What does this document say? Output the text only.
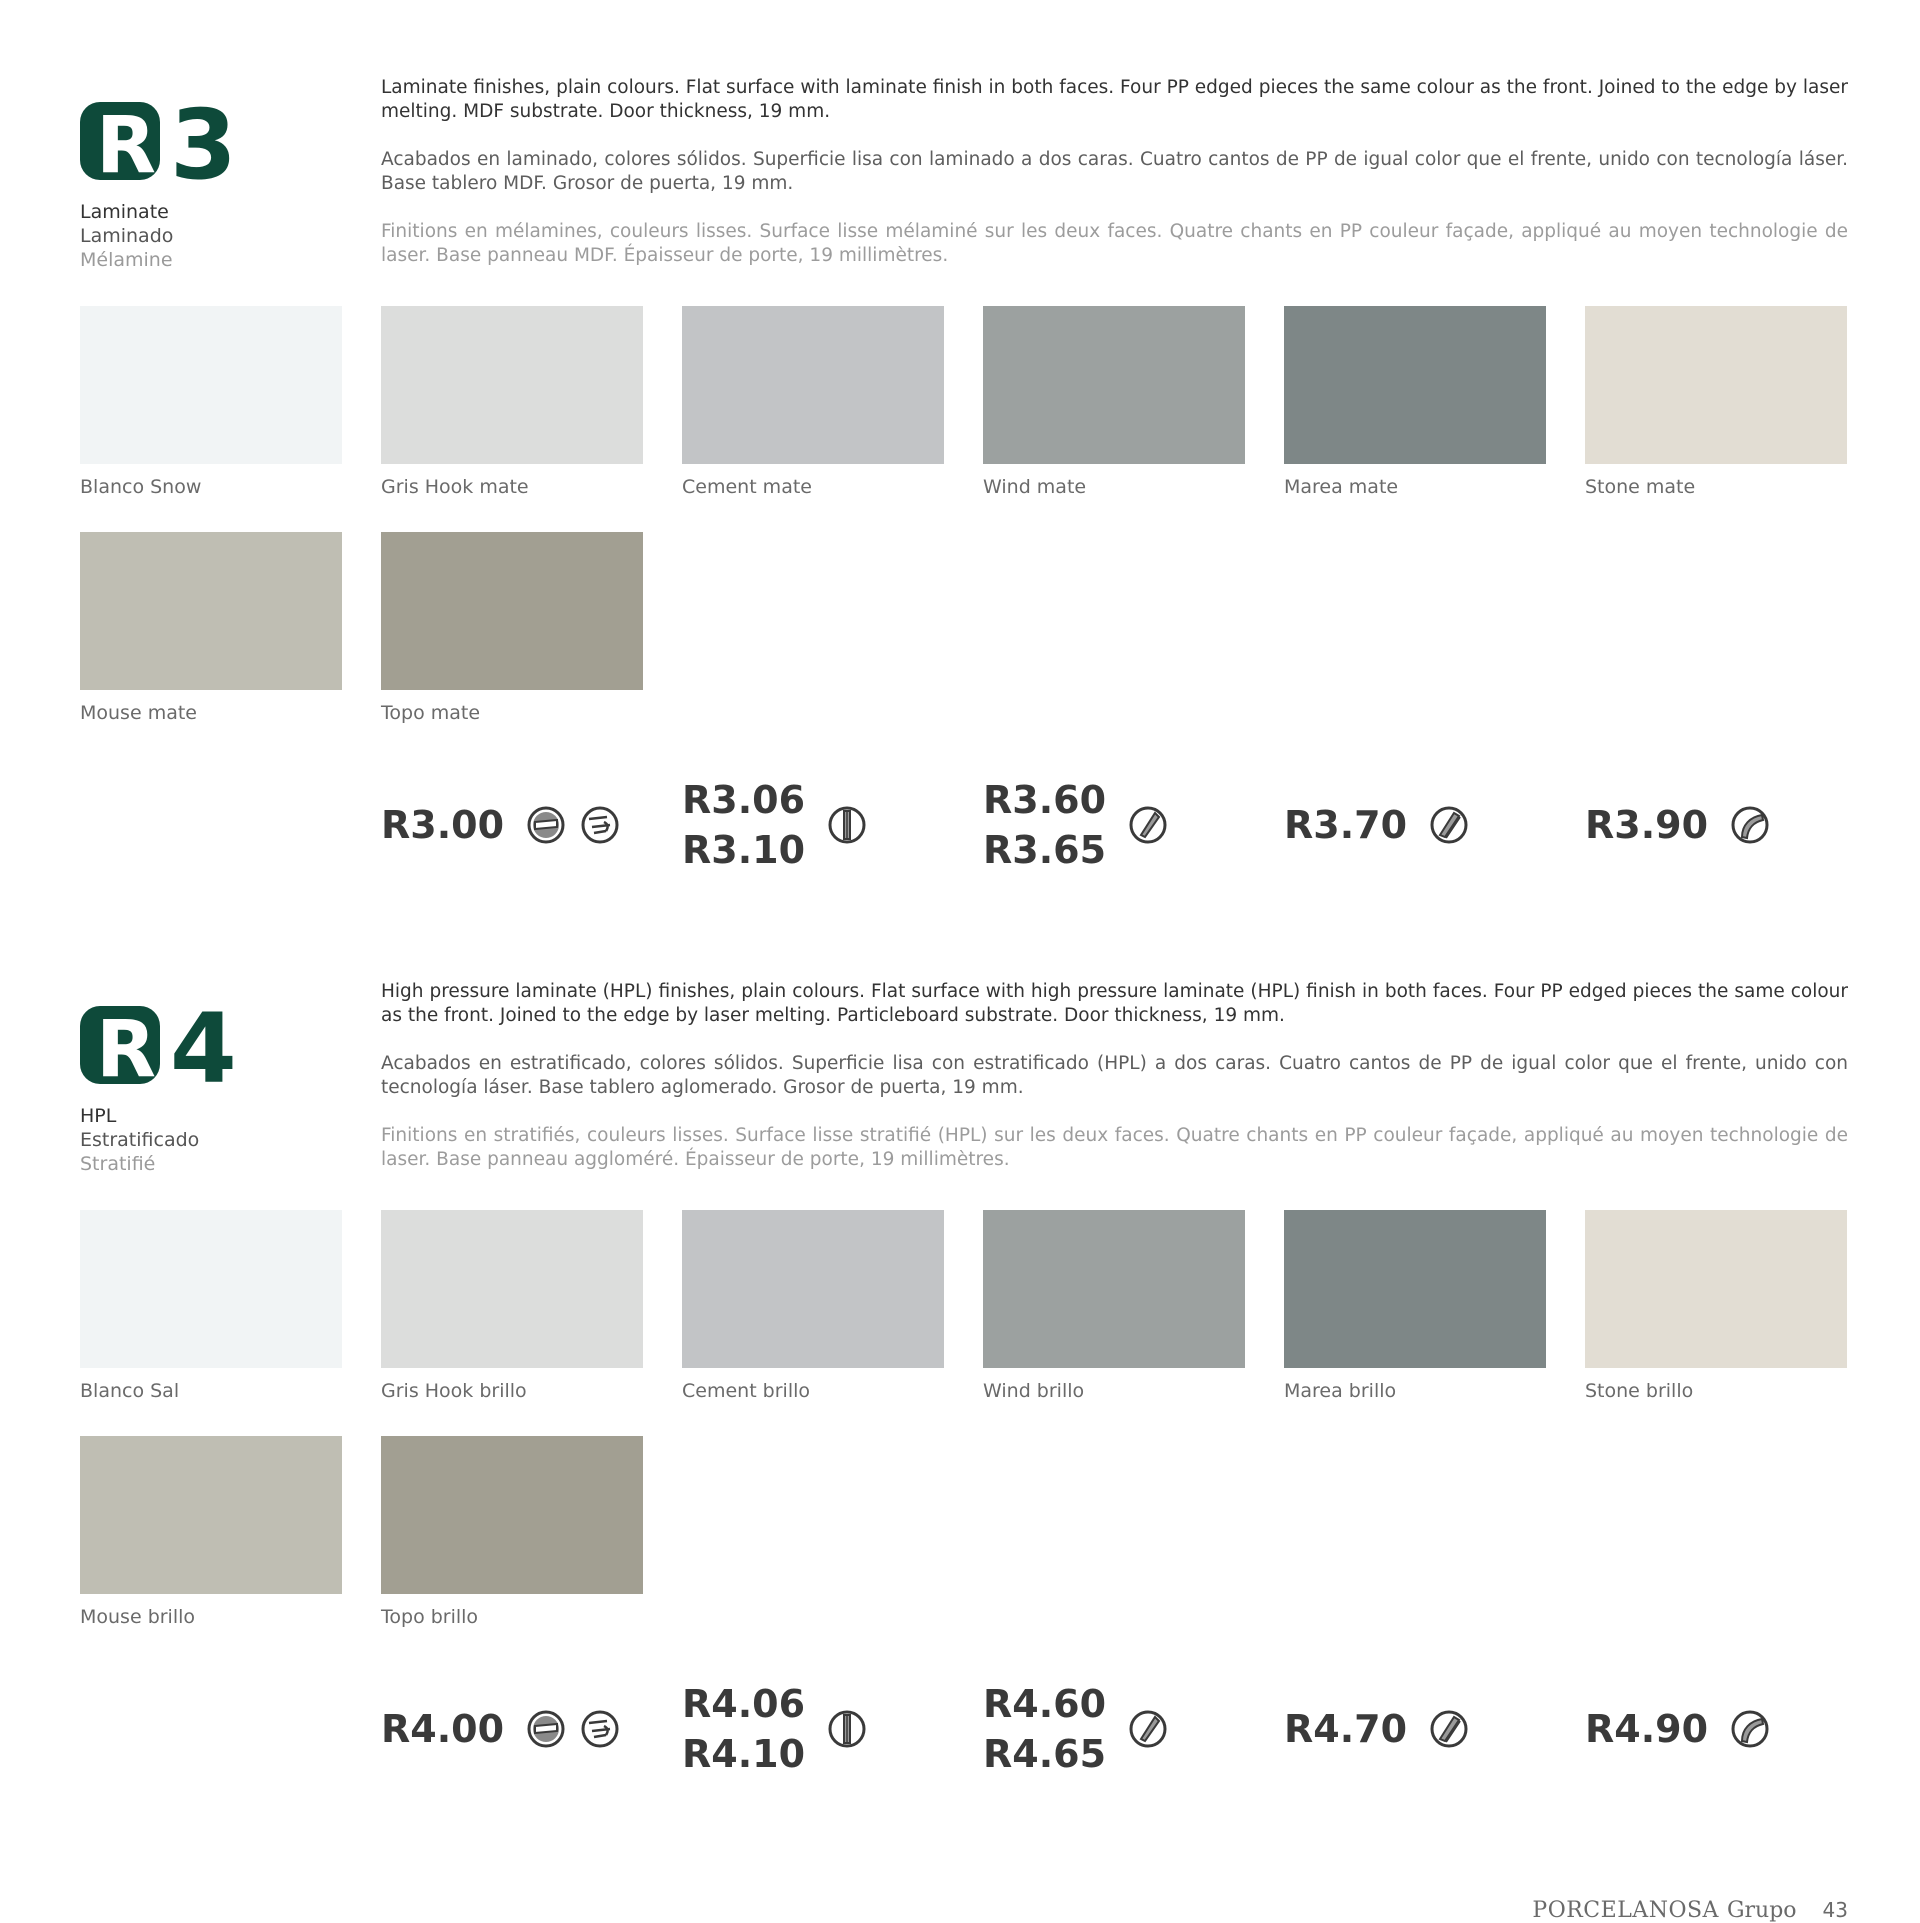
R 3
Laminate
Laminado
Mélamine

Laminate finishes, plain colours. Flat surface with laminate finish in both faces. Four PP edged pieces the same colour as the front. Joined to the edge by laser melting. MDF substrate. Door thickness, 19 mm.

Acabados en laminado, colores sólidos. Superficie lisa con laminado a dos caras. Cuatro cantos de PP de igual color que el frente, unido con tecnología láser. Base tablero MDF. Grosor de puerta, 19 mm.

Finitions en mélamines, couleurs lisses. Surface lisse mélaminé sur les deux faces. Quatre chants en PP couleur façade, appliqué au moyen technologie de laser. Base panneau MDF. Épaisseur de porte, 19 millimètres.

Blanco Snow	Gris Hook mate	Cement mate	Wind mate	Marea mate	Stone mate
Mouse mate	Topo mate
R3.00
R3.06
R3.10
R3.60
R3.65
R3.70	R3.90
R 4
HPL
Estratificado
Stratifié

High pressure laminate (HPL) finishes, plain colours. Flat surface with high pressure laminate (HPL) finish in both faces. Four PP edged pieces the same colour as the front. Joined to the edge by laser melting. Particleboard substrate. Door thickness, 19 mm.

Acabados en estratificado, colores sólidos. Superficie lisa con estratificado (HPL) a dos caras. Cuatro cantos de PP de igual color que el frente, unido con tecnología láser. Base tablero aglomerado. Grosor de puerta, 19 mm.

Finitions en stratifiés, couleurs lisses. Surface lisse stratifié (HPL) sur les deux faces. Quatre chants en PP couleur façade, appliqué au moyen technologie de laser. Base panneau aggloméré. Épaisseur de porte, 19 millimètres.

Blanco Sal	Gris Hook brillo	Cement brillo	Wind brillo	Marea brillo	Stone brillo
Mouse brillo	Topo brillo
R4.00
R4.06
R4.10
R4.60
R4.65
R4.70	R4.90
PORCELANOSA Grupo 43
